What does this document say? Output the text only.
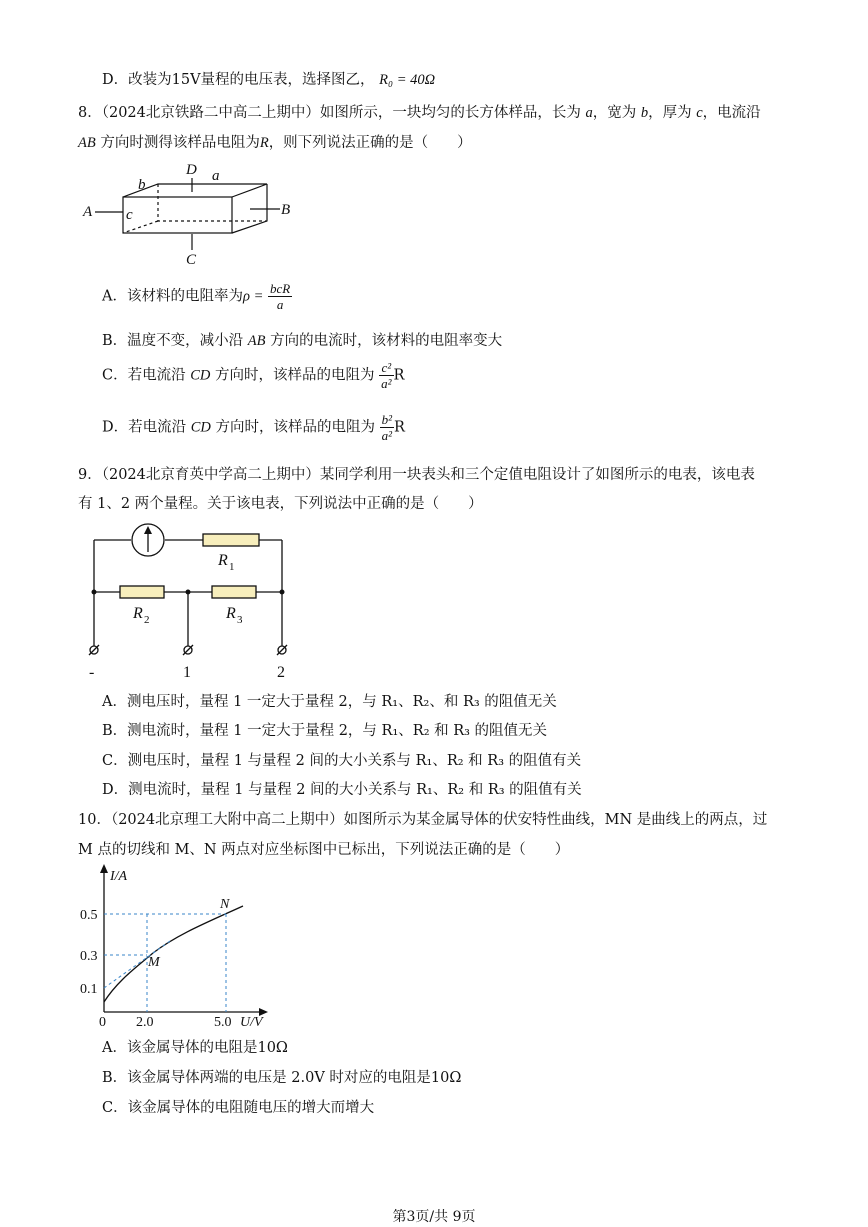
D．改装为15V量程的电压表，选择图乙， R₀ = 40Ω
8．（2024北京铁路二中高二上期中）如图所示，一块均匀的长方体样品，长为 a，宽为 b，厚为 c，电流沿
AB 方向时测得该样品电阻为R，则下列说法正确的是（　　）
A	B
C
D a
b
c
A．该材料的电阻率为$\rho = \frac{\text{bcR}}{a}$
B．温度不变，减小沿 AB 方向的电流时，该材料的电阻率变大
C．若电流沿 CD 方向时，该样品的电阻为 $\frac{\text{c²}}{\text{a²}}$ R
D．若电流沿 CD 方向时，该样品的电阻为 $\frac{\text{b²}}{\text{a²}}$ R
9．（2024北京育英中学高二上期中）某同学利用一块表头和三个定值电阻设计了如图所示的电表，该电表
有 1、2 两个量程。关于该电表，下列说法中正确的是（　　）
R 1
R 2	R 3
-	1	2
A．测电压时，量程 1 一定大于量程 2，与 R₁、R₂、和 R₃ 的阻值无关
B．测电流时，量程 1 一定大于量程 2，与 R₁、R₂ 和 R₃ 的阻值无关
C．测电压时，量程 1 与量程 2 间的大小关系与 R₁、R₂ 和 R₃ 的阻值有关
D．测电流时，量程 1 与量程 2 间的大小关系与 R₁、R₂ 和 R₃ 的阻值有关
10．（2024北京理工大附中高二上期中）如图所示为某金属导体的伏安特性曲线，MN 是曲线上的两点，过
M 点的切线和 M、N 两点对应坐标图中已标出，下列说法正确的是（　　）
I/A
U/V
0
0.5
0.3
0.1
2.0	5.0
M
N
A．该金属导体的电阻是10Ω
B．该金属导体两端的电压是 2.0V 时对应的电阻是10Ω
C．该金属导体的电阻随电压的增大而增大
第3页/共 9页
